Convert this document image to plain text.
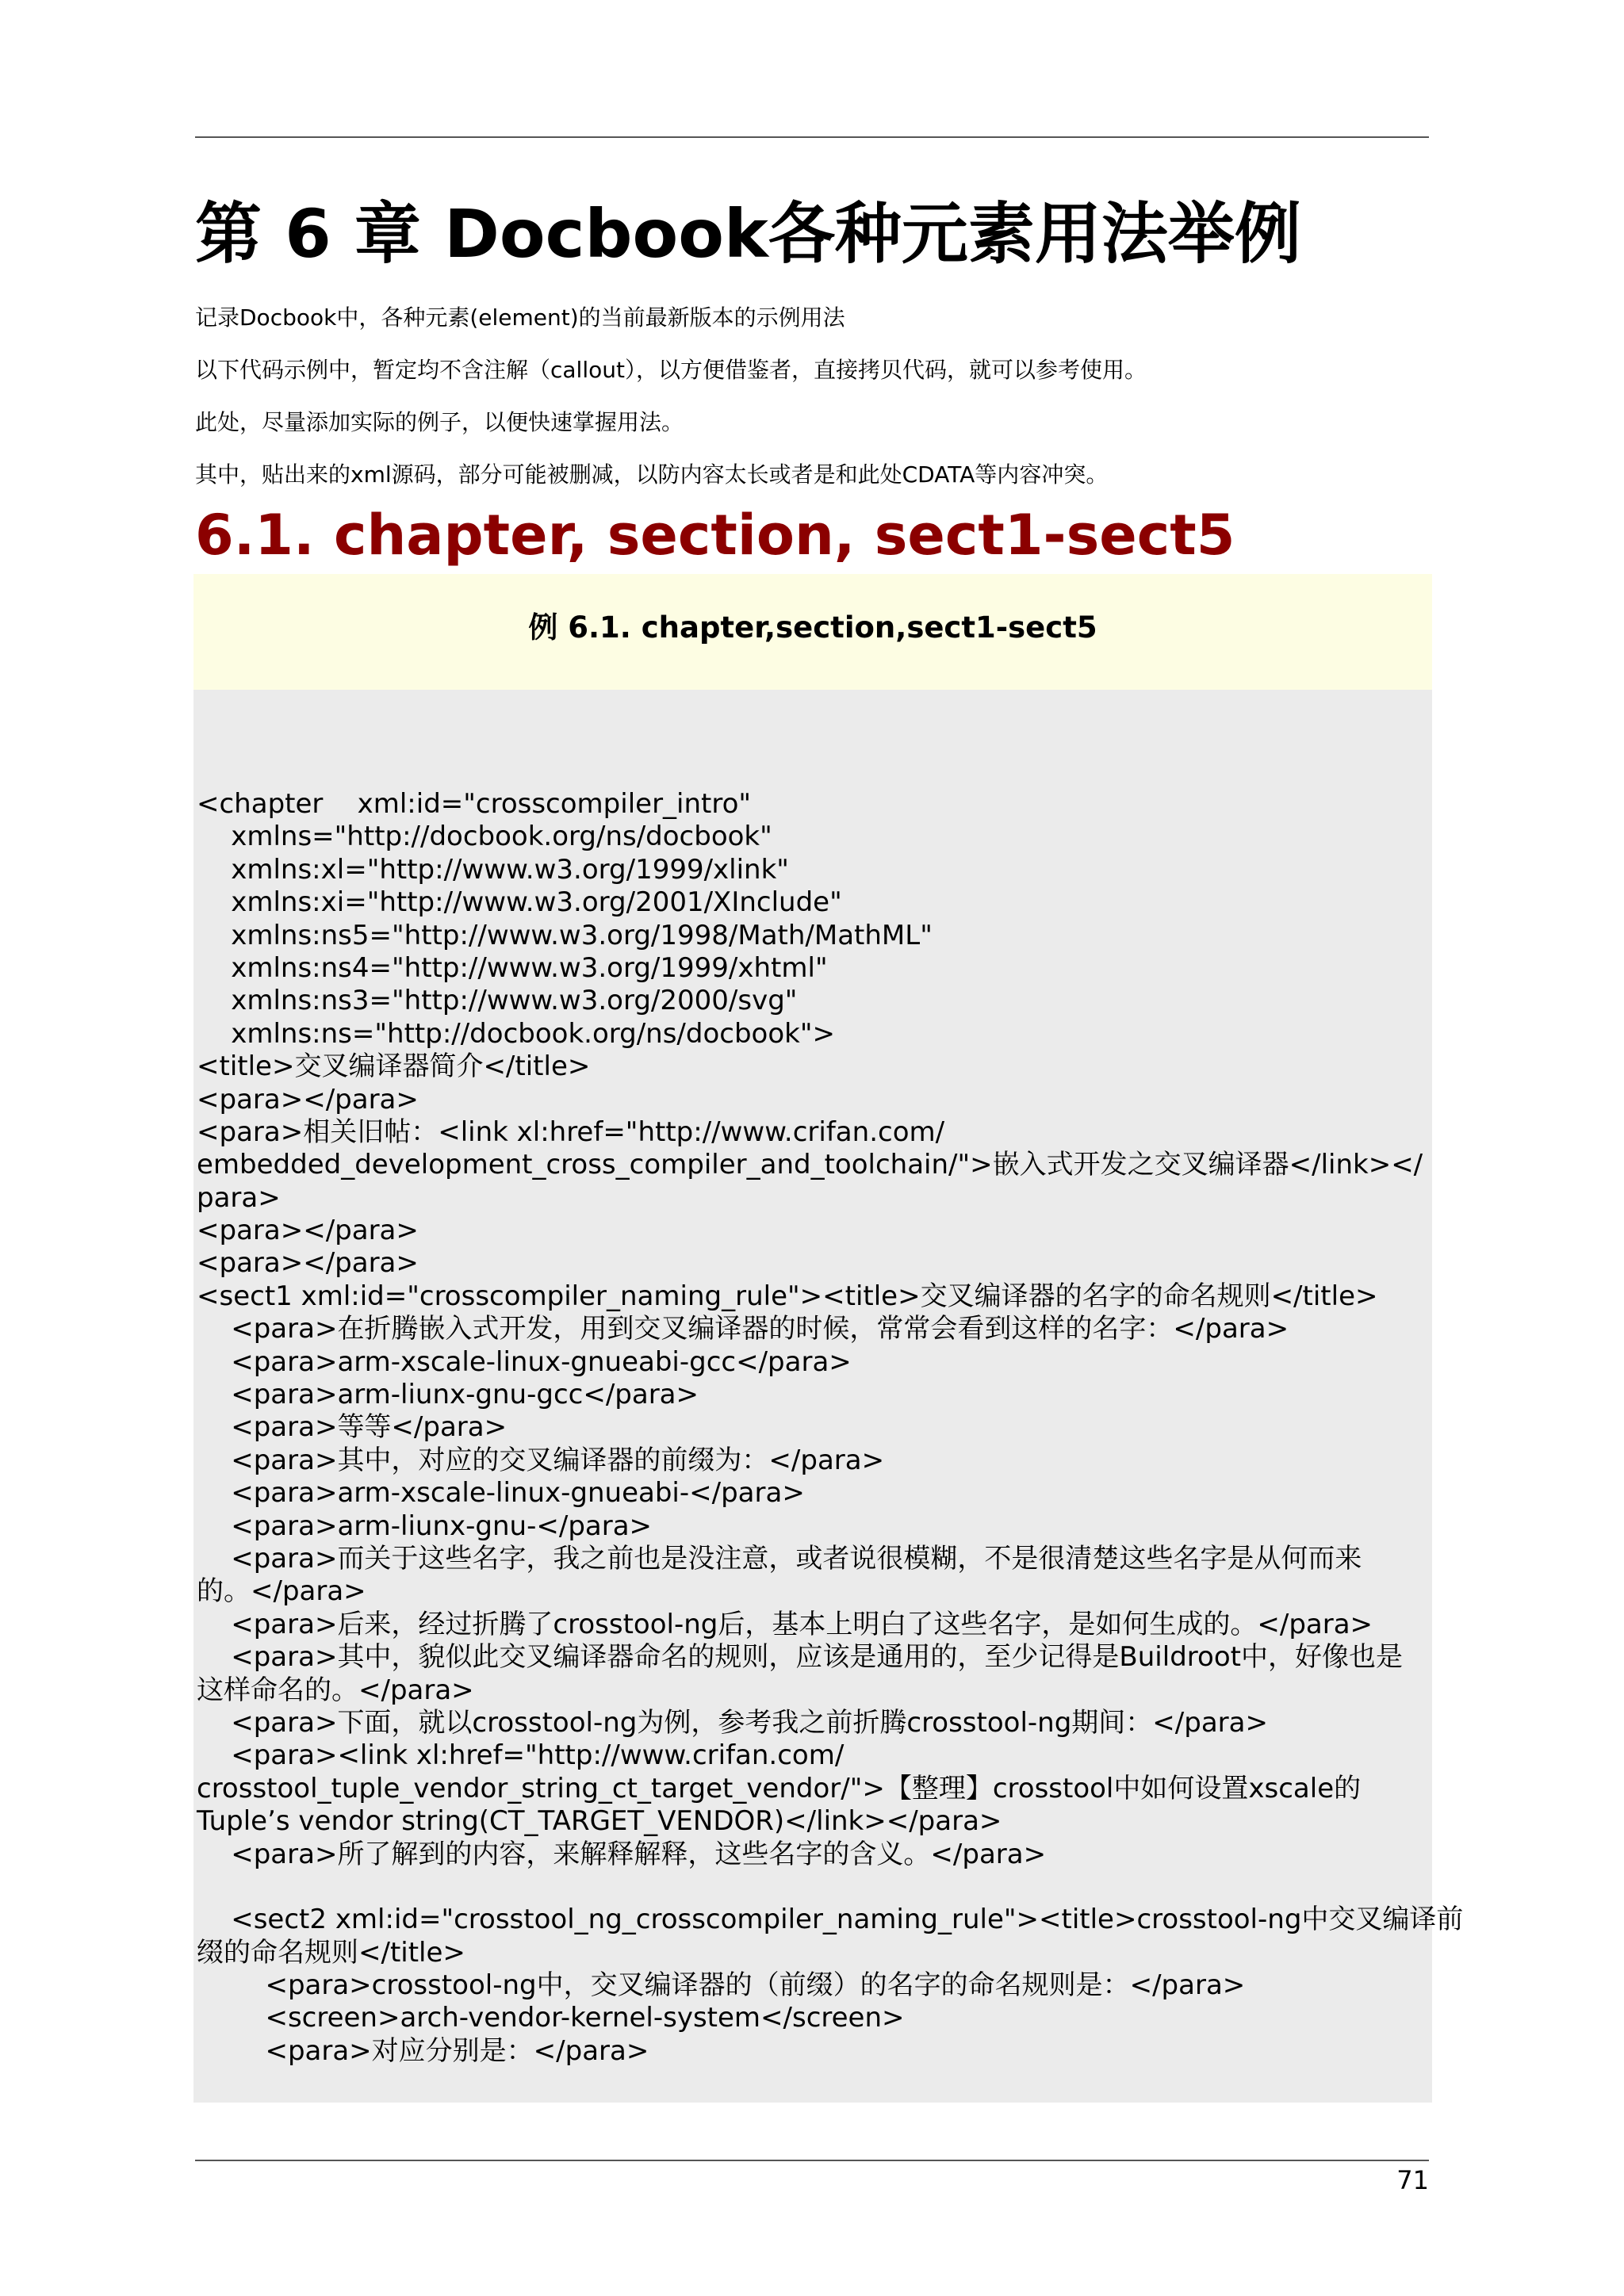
第 6 章 Docbook各种元素用法举例

记录Docbook中，各种元素(element)的当前最新版本的示例用法

以下代码示例中，暂定均不含注解（callout），以方便借鉴者，直接拷贝代码，就可以参考使用。

此处，尽量添加实际的例子，以便快速掌握用法。

其中，贴出来的xml源码，部分可能被删减，以防内容太长或者是和此处CDATA等内容冲突。

6.1. chapter, section, sect1-sect5
例 6.1. chapter,section,sect1-sect5
<chapter    xml:id="crosscompiler_intro"
xmlns="http://docbook.org/ns/docbook"
xmlns:xl="http://www.w3.org/1999/xlink"
xmlns:xi="http://www.w3.org/2001/XInclude"
xmlns:ns5="http://www.w3.org/1998/Math/MathML"
xmlns:ns4="http://www.w3.org/1999/xhtml"
xmlns:ns3="http://www.w3.org/2000/svg"
xmlns:ns="http://docbook.org/ns/docbook">
<title>交叉编译器简介</title>
<para></para>
<para>相关旧帖：<link xl:href="http://www.crifan.com/
embedded_development_cross_compiler_and_toolchain/">嵌入式开发之交叉编译器</link></
para>
<para></para>
<para></para>
<sect1 xml:id="crosscompiler_naming_rule"><title>交叉编译器的名字的命名规则</title>
<para>在折腾嵌入式开发，用到交叉编译器的时候，常常会看到这样的名字：</para>
<para>arm-xscale-linux-gnueabi-gcc</para>
<para>arm-liunx-gnu-gcc</para>
<para>等等</para>
<para>其中，对应的交叉编译器的前缀为：</para>
<para>arm-xscale-linux-gnueabi-</para>
<para>arm-liunx-gnu-</para>
<para>而关于这些名字，我之前也是没注意，或者说很模糊，不是很清楚这些名字是从何而来
的。</para>
<para>后来，经过折腾了crosstool-ng后，基本上明白了这些名字，是如何生成的。</para>
<para>其中，貌似此交叉编译器命名的规则，应该是通用的，至少记得是Buildroot中，好像也是
这样命名的。</para>
<para>下面，就以crosstool-ng为例，参考我之前折腾crosstool-ng期间：</para>
<para><link xl:href="http://www.crifan.com/
crosstool_tuple_vendor_string_ct_target_vendor/">【整理】crosstool中如何设置xscale的
Tuple’s vendor string(CT_TARGET_VENDOR)</link></para>
<para>所了解到的内容，来解释解释，这些名字的含义。</para>
<sect2 xml:id="crosstool_ng_crosscompiler_naming_rule"><title>crosstool-ng中交叉编译前
缀的命名规则</title>
<para>crosstool-ng中，交叉编译器的（前缀）的名字的命名规则是：</para>
<screen>arch-vendor-kernel-system</screen>
<para>对应分别是：</para>
71
